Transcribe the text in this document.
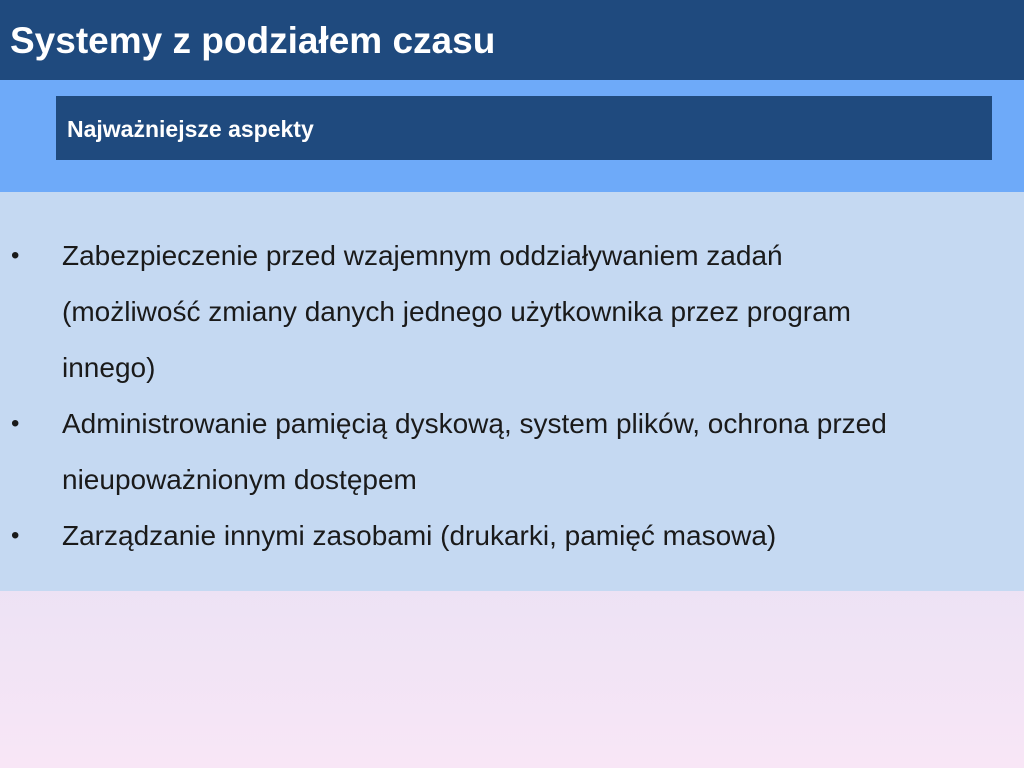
Systemy z podziałem czasu
Najważniejsze aspekty
• Zabezpieczenie przed wzajemnym oddziaływaniem zadań
(możliwość zmiany danych jednego użytkownika przez program
innego)
• Administrowanie pamięcią dyskową, system plików, ochrona przed
nieupoważnionym dostępem
• Zarządzanie innymi zasobami (drukarki, pamięć masowa)
